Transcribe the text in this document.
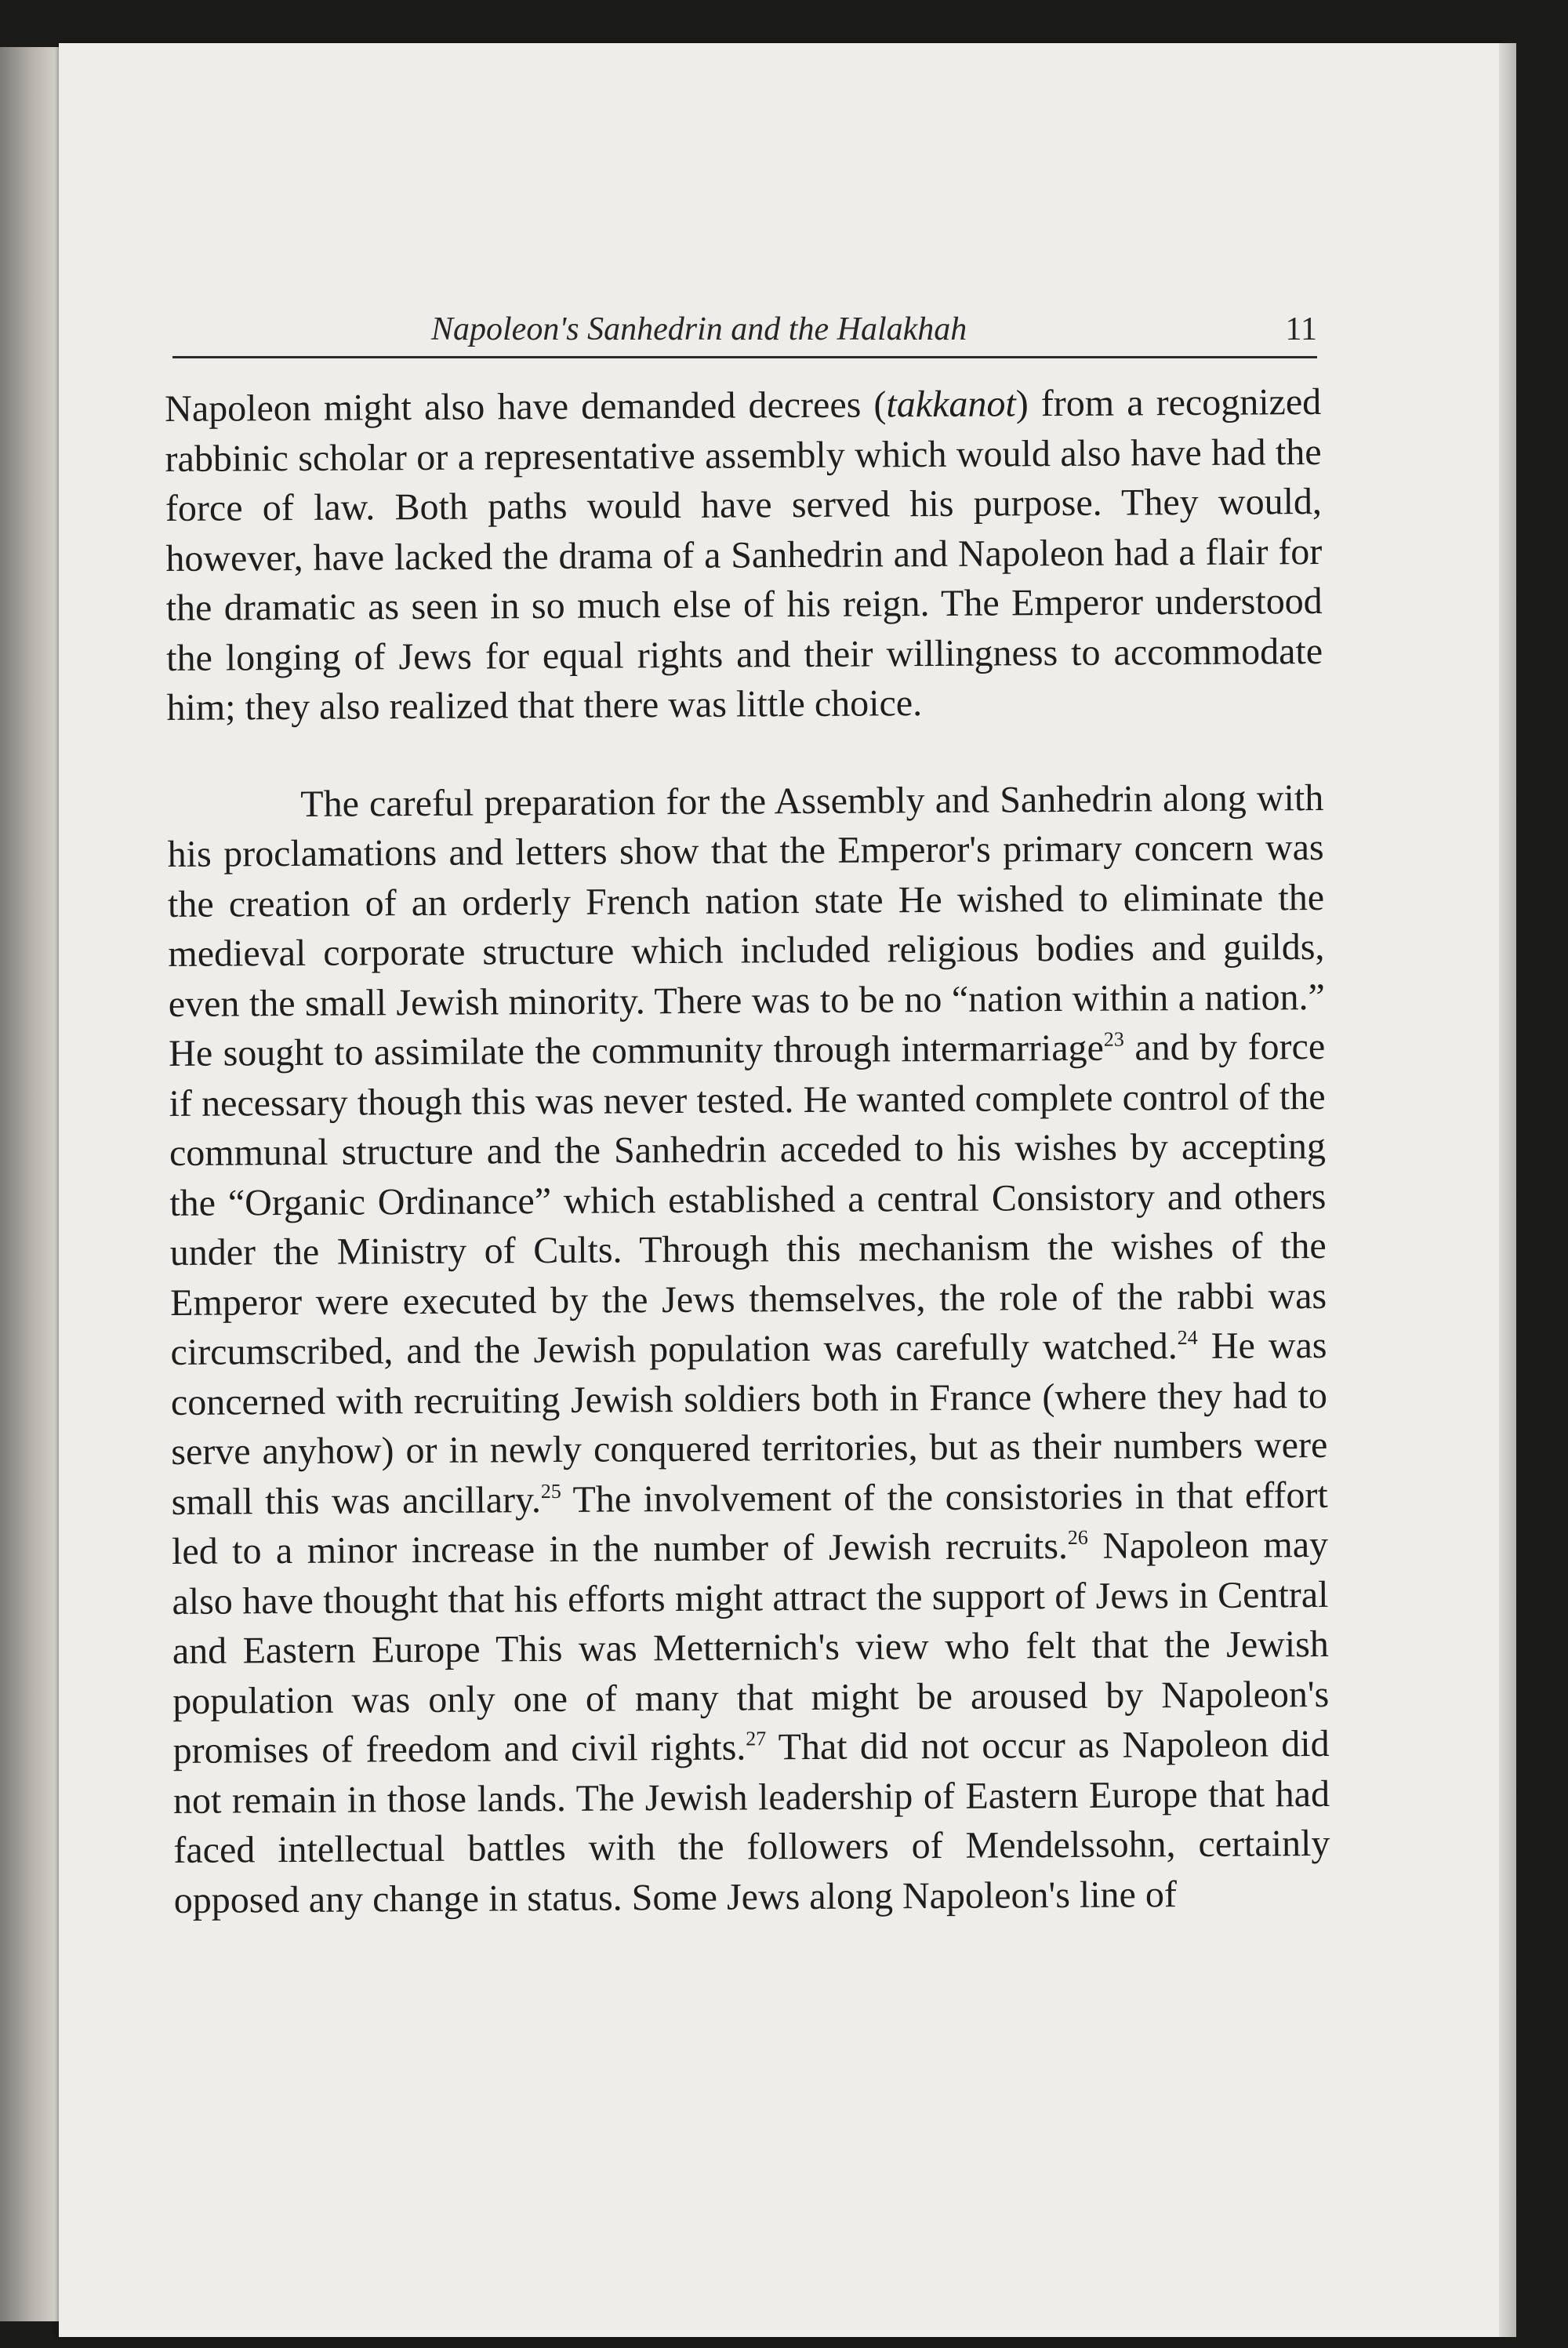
Napoleon's Sanhedrin and the Halakhah	11

Napoleon might also have demanded decrees (takkanot) from a recognized rabbinic scholar or a representative assembly which would also have had the force of law. Both paths would have served his purpose. They would, however, have lacked the drama of a Sanhedrin and Napoleon had a flair for the dramatic as seen in so much else of his reign. The Emperor understood the longing of Jews for equal rights and their willingness to accommodate him; they also realized that there was little choice.

The careful preparation for the Assembly and Sanhedrin along with his proclamations and letters show that the Emperor's primary concern was the creation of an orderly French nation state He wished to eliminate the medieval corporate structure which included religious bodies and guilds, even the small Jewish minority. There was to be no “nation within a nation.” He sought to assimilate the community through intermarriage$^{23}$ and by force if necessary though this was never tested. He wanted complete control of the communal structure and the Sanhedrin acceded to his wishes by accepting the “Organic Ordinance” which established a central Consistory and others under the Ministry of Cults. Through this mechanism the wishes of the Emperor were executed by the Jews themselves, the role of the rabbi was circumscribed, and the Jewish population was carefully watched.$^{24}$ He was concerned with recruiting Jewish soldiers both in France (where they had to serve anyhow) or in newly conquered territories, but as their numbers were small this was ancillary.$^{25}$ The involvement of the consistories in that effort led to a minor increase in the number of Jewish recruits.$^{26}$ Napoleon may also have thought that his efforts might attract the support of Jews in Central and Eastern Europe This was Metternich's view who felt that the Jewish population was only one of many that might be aroused by Napoleon's promises of freedom and civil rights.$^{27}$ That did not occur as Napoleon did not remain in those lands. The Jewish leadership of Eastern Europe that had faced intellectual battles with the followers of Mendelssohn, certainly opposed any change in status. Some Jews along Napoleon's line of
